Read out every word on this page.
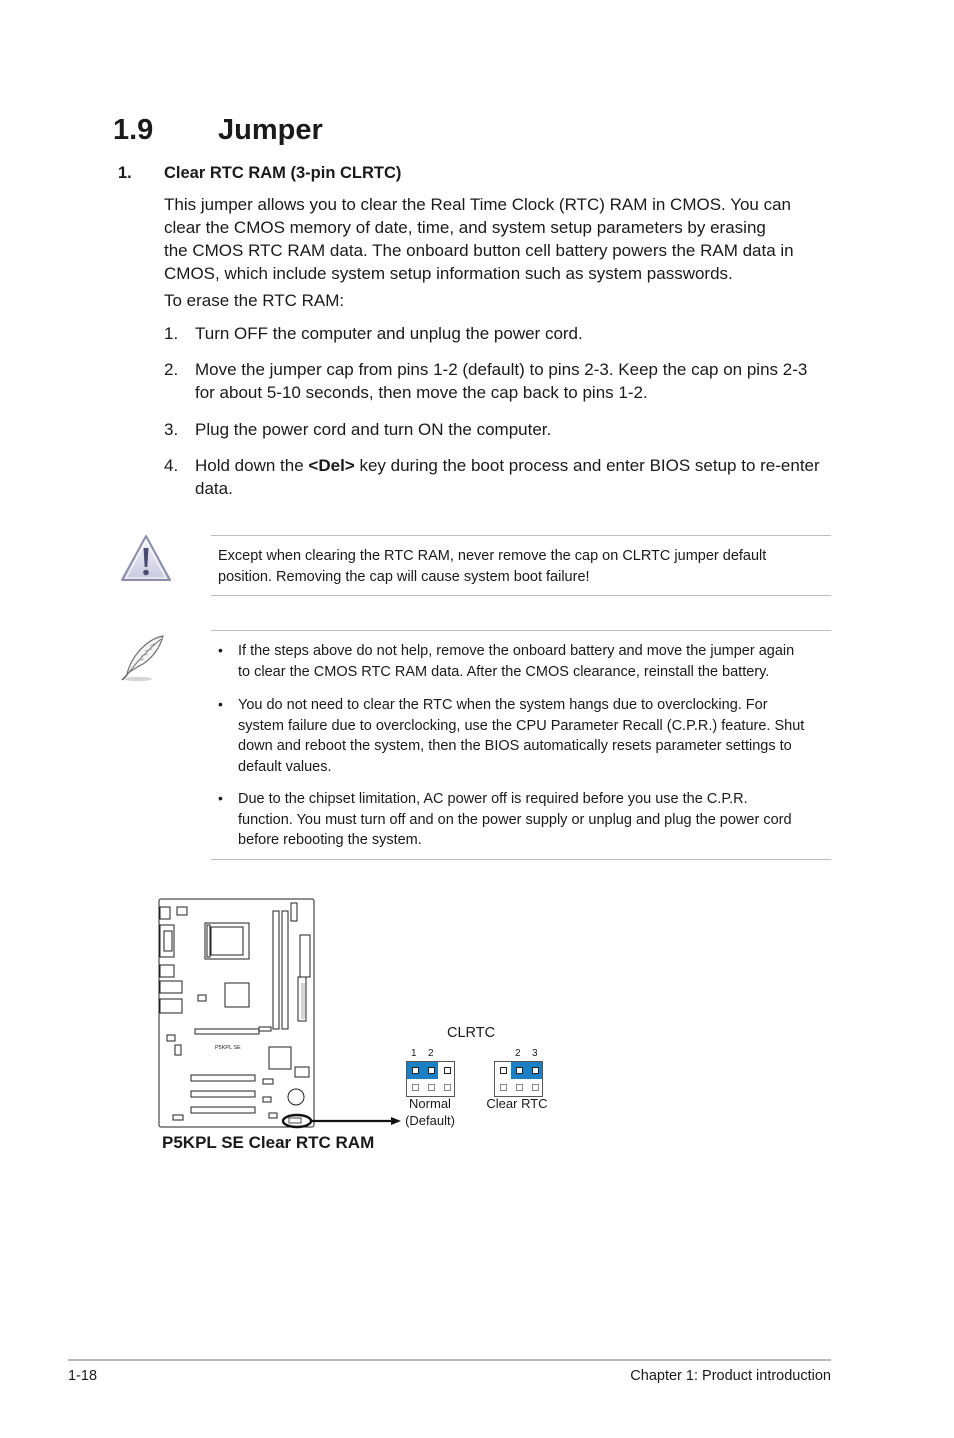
1.9 Jumper
1. Clear RTC RAM (3-pin CLRTC)
This jumper allows you to clear the Real Time Clock (RTC) RAM in CMOS. You can
clear the CMOS memory of date, time, and system setup parameters by erasing
the CMOS RTC RAM data. The onboard button cell battery powers the RAM data in
CMOS, which include system setup information such as system passwords.
To erase the RTC RAM:
1. Turn OFF the computer and unplug the power cord.
2. Move the jumper cap from pins 1-2 (default) to pins 2-3. Keep the cap on pins 2-3
for about 5-10 seconds, then move the cap back to pins 1-2.
3. Plug the power cord and turn ON the computer.
4. Hold down the <Del> key during the boot process and enter BIOS setup to re-enter
data.
Except when clearing the RTC RAM, never remove the cap on CLRTC jumper default
position. Removing the cap will cause system boot failure!
• If the steps above do not help, remove the onboard battery and move the jumper again
to clear the CMOS RTC RAM data. After the CMOS clearance, reinstall the battery.
• You do not need to clear the RTC when the system hangs due to overclocking. For
system failure due to overclocking, use the CPU Parameter Recall (C.P.R.) feature. Shut
down and reboot the system, then the BIOS automatically resets parameter settings to
default values.
• Due to the chipset limitation, AC power off is required before you use the C.P.R.
function. You must turn off and on the power supply or unplug and plug the power cord
before rebooting the system.
P5KPL SE
CLRTC
1 2	2 3
Normal
(Default)
Clear RTC
P5KPL SE Clear RTC RAM
1-18	Chapter 1: Product introduction
